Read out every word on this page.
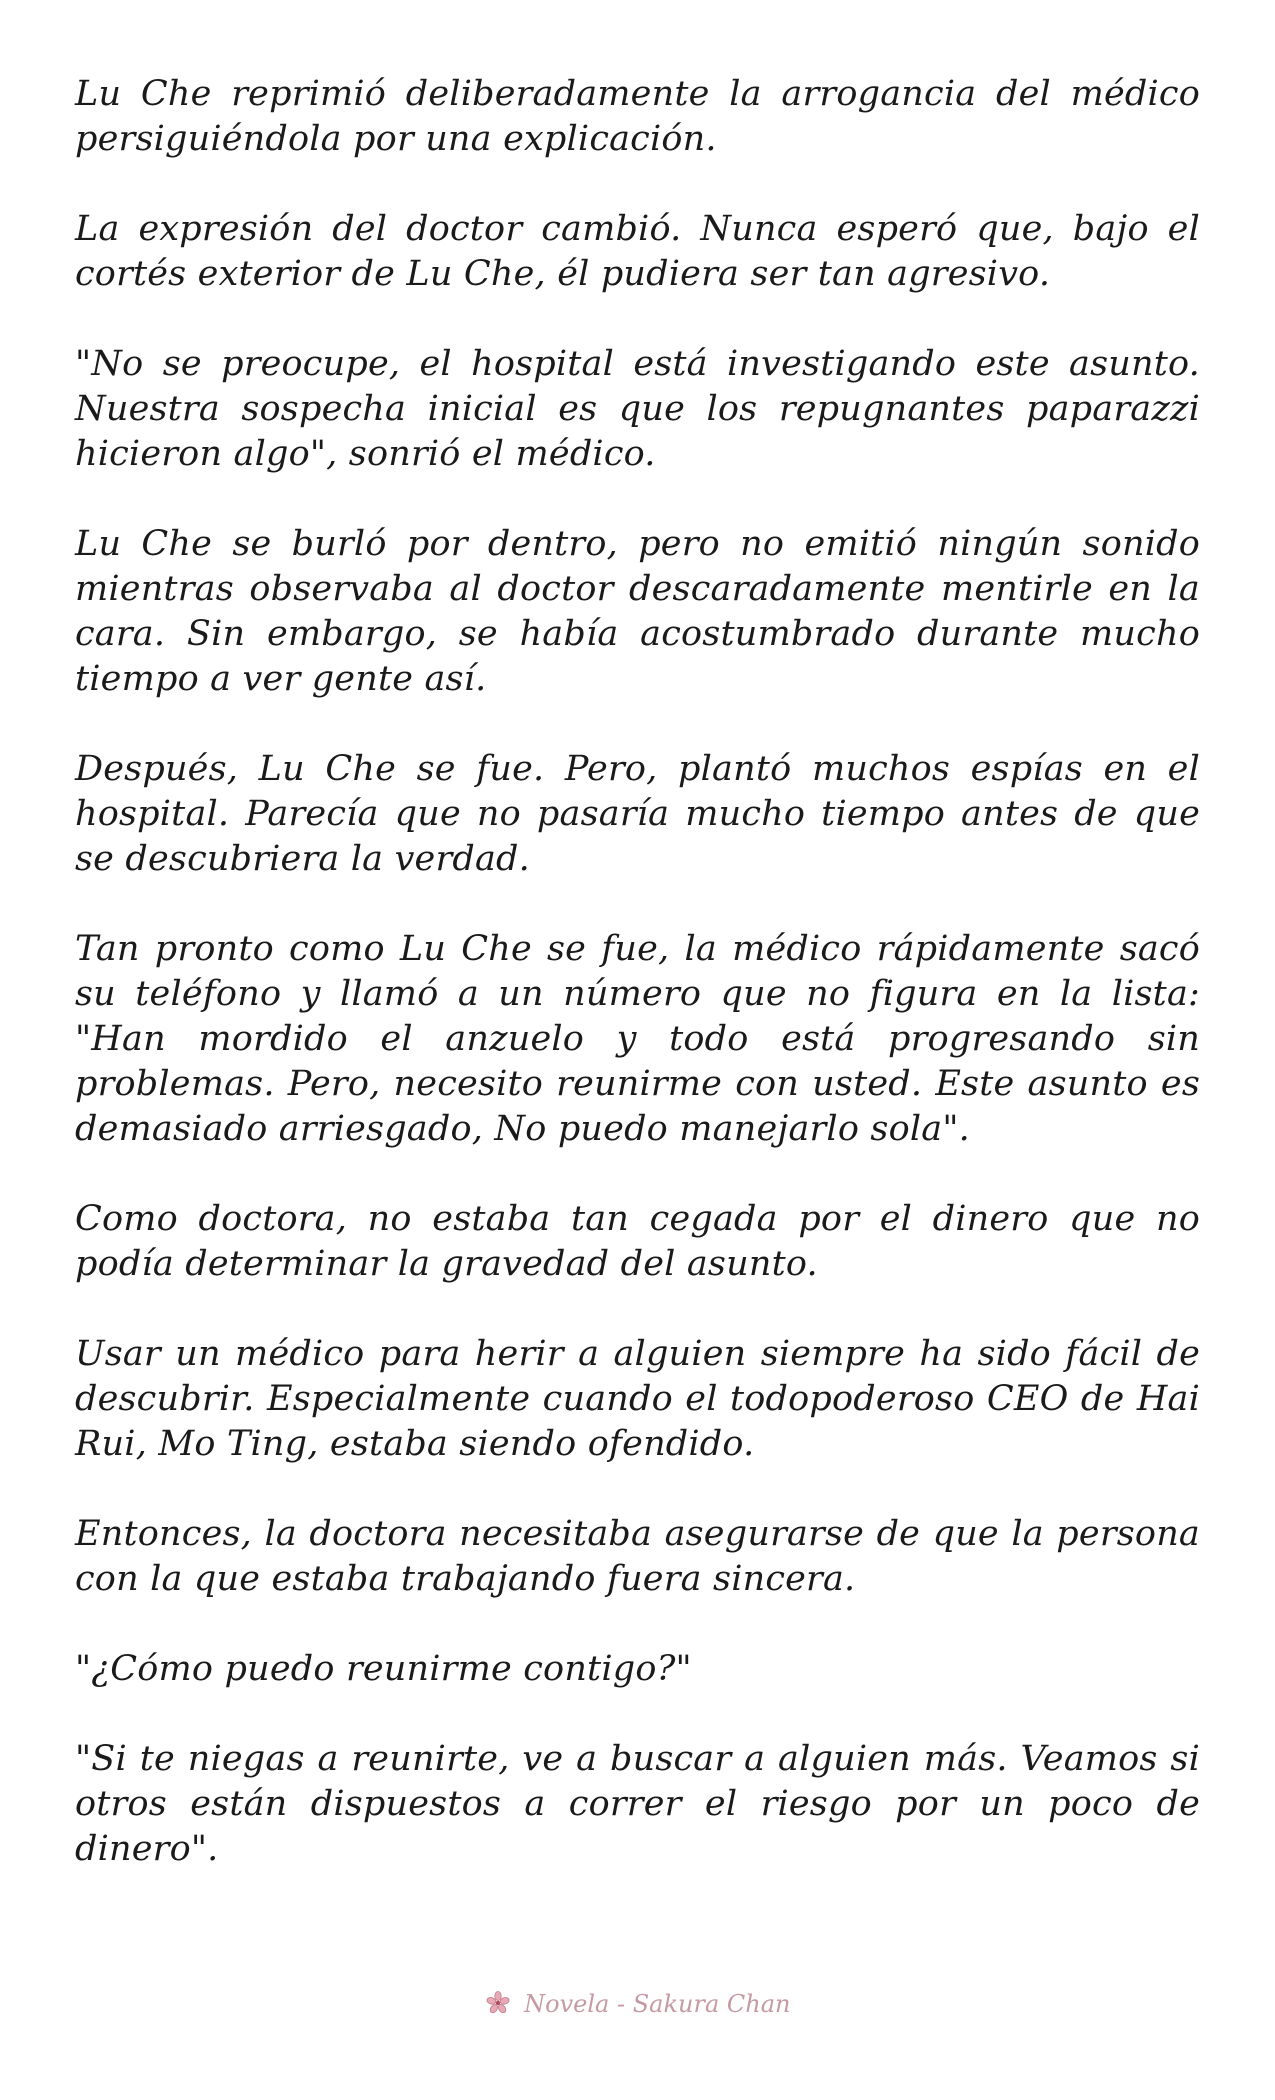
Lu Che reprimió deliberadamente la arrogancia del médico persiguiéndola por una explicación.

La expresión del doctor cambió. Nunca esperó que, bajo el cortés exterior de Lu Che, él pudiera ser tan agresivo.

"No se preocupe, el hospital está investigando este asunto. Nuestra sospecha inicial es que los repugnantes paparazzi hicieron algo", sonrió el médico.

Lu Che se burló por dentro, pero no emitió ningún sonido mientras observaba al doctor descaradamente mentirle en la cara. Sin embargo, se había acostumbrado durante mucho tiempo a ver gente así.

Después, Lu Che se fue. Pero, plantó muchos espías en el hospital. Parecía que no pasaría mucho tiempo antes de que se descubriera la verdad.

Tan pronto como Lu Che se fue, la médico rápidamente sacó su teléfono y llamó a un número que no figura en la lista: "Han mordido el anzuelo y todo está progresando sin problemas. Pero, necesito reunirme con usted. Este asunto es demasiado arriesgado, No puedo manejarlo sola".

Como doctora, no estaba tan cegada por el dinero que no podía determinar la gravedad del asunto.

Usar un médico para herir a alguien siempre ha sido fácil de descubrir. Especialmente cuando el todopoderoso CEO de Hai Rui, Mo Ting, estaba siendo ofendido.

Entonces, la doctora necesitaba asegurarse de que la persona con la que estaba trabajando fuera sincera.

"¿Cómo puedo reunirme contigo?"

"Si te niegas a reunirte, ve a buscar a alguien más. Veamos si otros están dispuestos a correr el riesgo por un poco de dinero".

Novela - Sakura Chan
